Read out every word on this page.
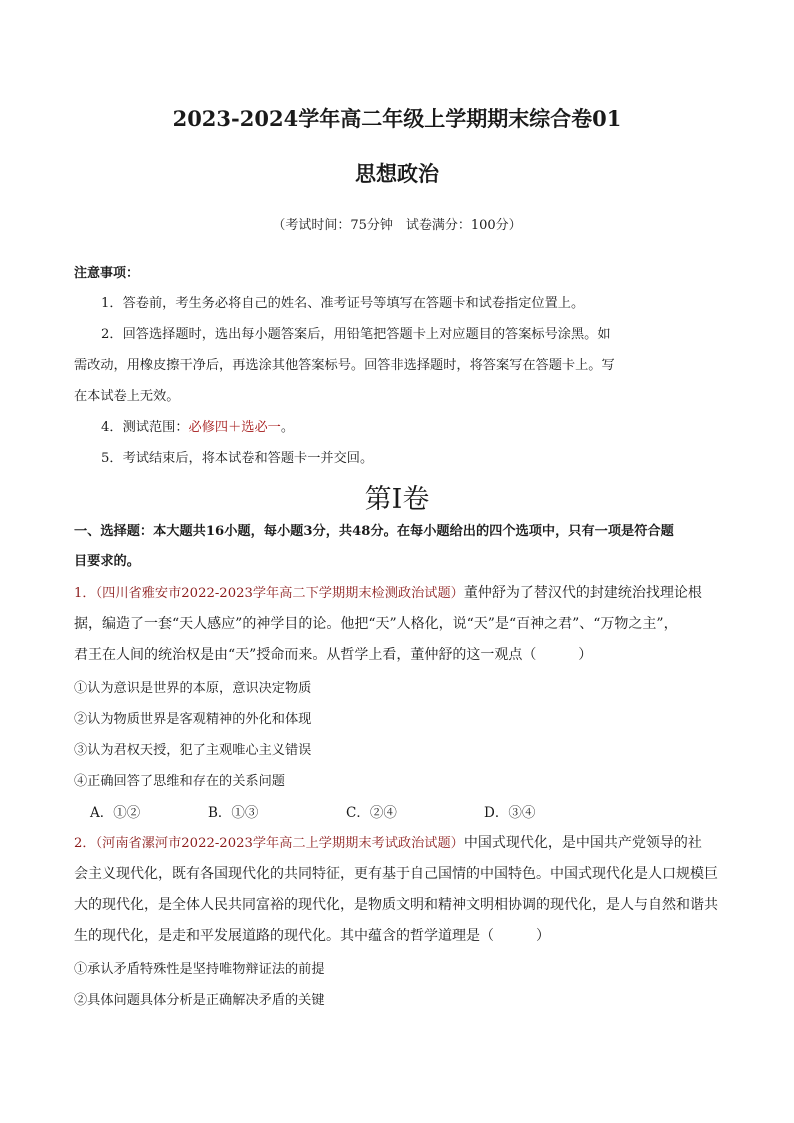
2023-2024学年高二年级上学期期末综合卷01
思想政治
（考试时间：75分钟　试卷满分：100分）
注意事项：
1．答卷前，考生务必将自己的姓名、准考证号等填写在答题卡和试卷指定位置上。
2．回答选择题时，选出每小题答案后，用铅笔把答题卡上对应题目的答案标号涂黑。如
需改动，用橡皮擦干净后，再选涂其他答案标号。回答非选择题时，将答案写在答题卡上。写
在本试卷上无效。
4．测试范围：必修四＋选必一。
5．考试结束后，将本试卷和答题卡一并交回。
第Ⅰ卷
一、选择题：本大题共16小题，每小题3分，共48分。在每小题给出的四个选项中，只有一项是符合题
目要求的。
1．（四川省雅安市2022-2023学年高二下学期期末检测政治试题）董仲舒为了替汉代的封建统治找理论根
据，编造了一套“天人感应”的神学目的论。他把“天”人格化，说“天”是“百神之君”、“万物之主”，
君王在人间的统治权是由“天”授命而来。从哲学上看，董仲舒的这一观点（　　　）
①认为意识是世界的本原，意识决定物质
②认为物质世界是客观精神的外化和体现
③认为君权天授，犯了主观唯心主义错误
④正确回答了思维和存在的关系问题
A．①②	B．①③	C．②④	D．③④
2．（河南省漯河市2022-2023学年高二上学期期末考试政治试题）中国式现代化，是中国共产党领导的社
会主义现代化，既有各国现代化的共同特征，更有基于自己国情的中国特色。中国式现代化是人口规模巨
大的现代化，是全体人民共同富裕的现代化，是物质文明和精神文明相协调的现代化，是人与自然和谐共
生的现代化，是走和平发展道路的现代化。其中蕴含的哲学道理是（　　　）
①承认矛盾特殊性是坚持唯物辩证法的前提
②具体问题具体分析是正确解决矛盾的关键
